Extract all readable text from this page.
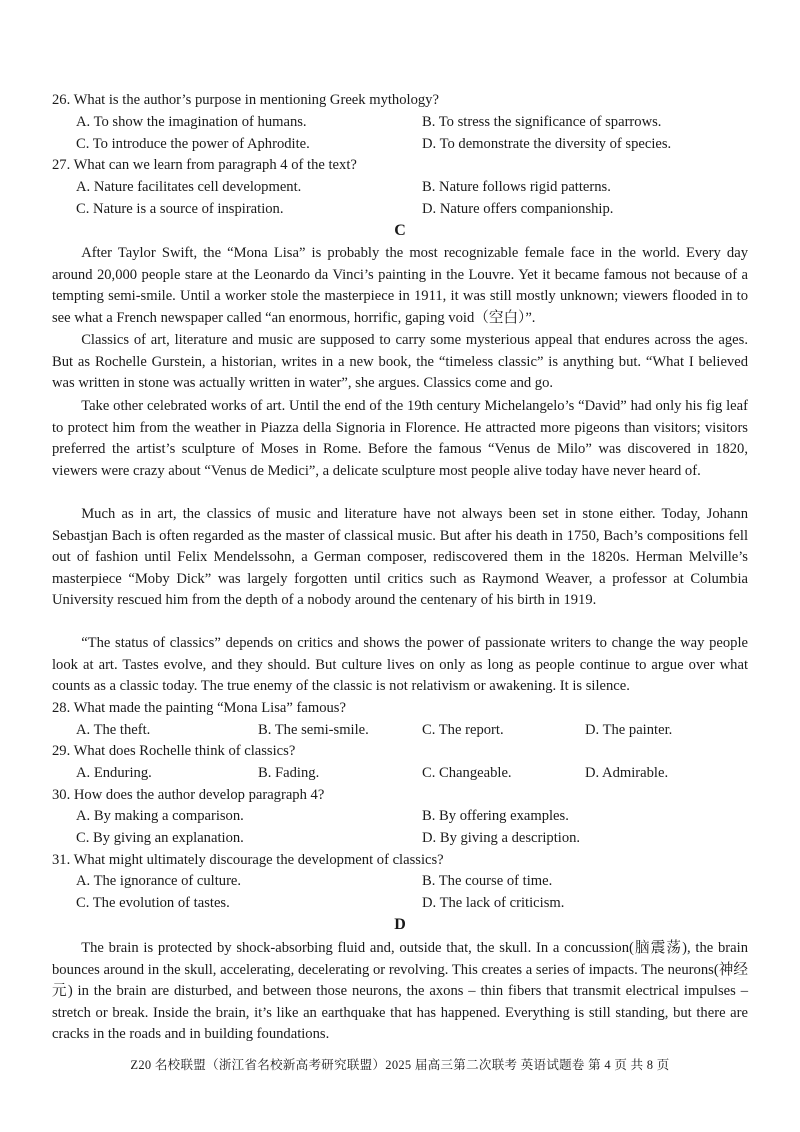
26. What is the author’s purpose in mentioning Greek mythology?
A. To show the imagination of humans.	B. To stress the significance of sparrows.
C. To introduce the power of Aphrodite.	D. To demonstrate the diversity of species.
27. What can we learn from paragraph 4 of the text?
A. Nature facilitates cell development.	B. Nature follows rigid patterns.
C. Nature is a source of inspiration.	D. Nature offers companionship.
C
After Taylor Swift, the “Mona Lisa” is probably the most recognizable female face in the world. Every day around 20,000 people stare at the Leonardo da Vinci’s painting in the Louvre. Yet it became famous not because of a tempting semi-smile. Until a worker stole the masterpiece in 1911, it was still mostly unknown; viewers flooded in to see what a French newspaper called “an enormous, horrific, gaping void（空白）”.
Classics of art, literature and music are supposed to carry some mysterious appeal that endures across the ages. But as Rochelle Gurstein, a historian, writes in a new book, the “timeless classic” is anything but. “What I believed was written in stone was actually written in water”, she argues. Classics come and go.
Take other celebrated works of art. Until the end of the 19th century Michelangelo’s “David” had only his fig leaf to protect him from the weather in Piazza della Signoria in Florence. He attracted more pigeons than visitors; visitors preferred the artist’s sculpture of Moses in Rome. Before the famous “Venus de Milo” was discovered in 1820, viewers were crazy about “Venus de Medici”, a delicate sculpture most people alive today have never heard of.
Much as in art, the classics of music and literature have not always been set in stone either. Today, Johann Sebastjan Bach is often regarded as the master of classical music. But after his death in 1750, Bach’s compositions fell out of fashion until Felix Mendelssohn, a German composer, rediscovered them in the 1820s. Herman Melville’s masterpiece “Moby Dick” was largely forgotten until critics such as Raymond Weaver, a professor at Columbia University rescued him from the depth of a nobody around the centenary of his birth in 1919.
“The status of classics” depends on critics and shows the power of passionate writers to change the way people look at art. Tastes evolve, and they should. But culture lives on only as long as people continue to argue over what counts as a classic today. The true enemy of the classic is not relativism or awakening. It is silence.
28. What made the painting “Mona Lisa” famous?
A. The theft.	B. The semi-smile.	C. The report.	D. The painter.
29. What does Rochelle think of classics?
A. Enduring.	B. Fading.	C. Changeable.	D. Admirable.
30. How does the author develop paragraph 4?
A. By making a comparison.	B. By offering examples.
C. By giving an explanation.	D. By giving a description.
31. What might ultimately discourage the development of classics?
A. The ignorance of culture.	B. The course of time.
C. The evolution of tastes.	D. The lack of criticism.
D
The brain is protected by shock-absorbing fluid and, outside that, the skull. In a concussion(脑震荡), the brain bounces around in the skull, accelerating, decelerating or revolving. This creates a series of impacts. The neurons(神经元) in the brain are disturbed, and between those neurons, the axons – thin fibers that transmit electrical impulses – stretch or break. Inside the brain, it’s like an earthquake that has happened. Everything is still standing, but there are cracks in the roads and in building foundations.
Z20 名校联盟（浙江省名校新高考研究联盟）2025 届高三第二次联考 英语试题卷 第 4 页 共 8 页
